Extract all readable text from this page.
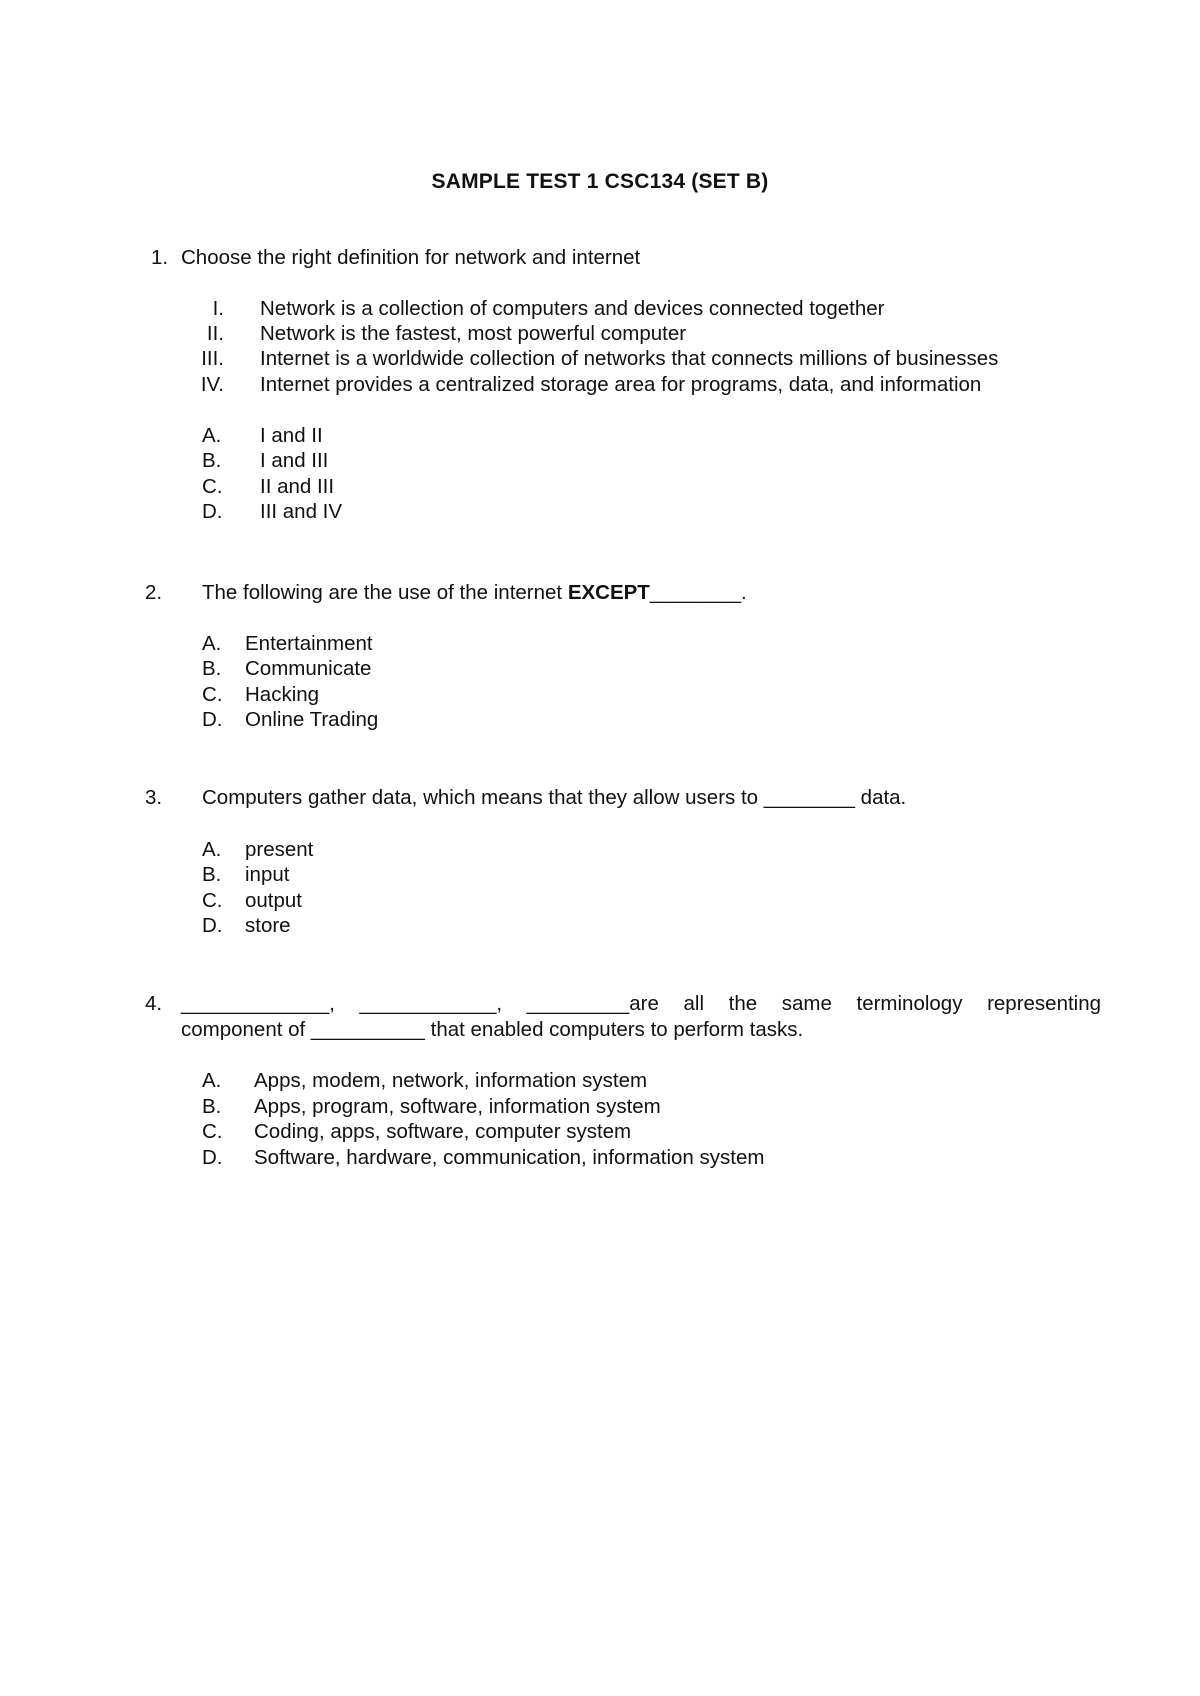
SAMPLE TEST 1 CSC134 (SET B)
1. Choose the right definition for network and internet
I. Network is a collection of computers and devices connected together
II. Network is the fastest, most powerful computer
III. Internet is a worldwide collection of networks that connects millions of businesses
IV. Internet provides a centralized storage area for programs, data, and information
A. I and II
B. I and III
C. II and III
D. III and IV
2. The following are the use of the internet EXCEPT________.
A. Entertainment
B. Communicate
C. Hacking
D. Online Trading
3. Computers gather data, which means that they allow users to ________ data.
A. present
B. input
C. output
D. store
4. _____________, ____________, _________are all the same terminology representing
component of __________ that enabled computers to perform tasks.
A. Apps, modem, network, information system
B. Apps, program, software, information system
C. Coding, apps, software, computer system
D. Software, hardware, communication, information system
